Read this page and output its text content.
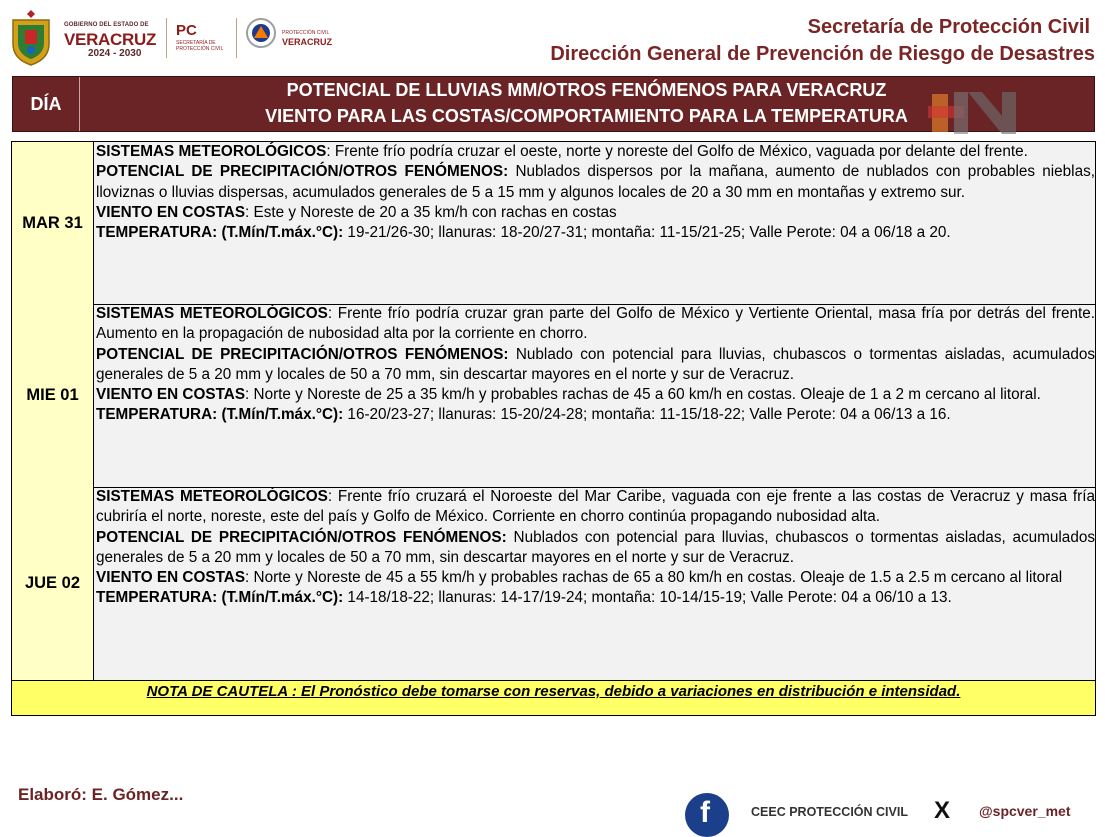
GOBIERNO DEL ESTADO DE
VERACRUZ
2024 - 2030
PC
SECRETARÍA DE PROTECCIÓN CIVIL
PROTECCIÓN CIVIL
VERACRUZ
Secretaría de Protección Civil
Dirección General de Prevención de Riesgo de Desastres
DÍA
POTENCIAL DE LLUVIAS MM/OTROS FENÓMENOS PARA VERACRUZ
VIENTO PARA LAS COSTAS/COMPORTAMIENTO PARA LA TEMPERATURA
MAR 31

SISTEMAS METEOROLÓGICOS: Frente frío podría cruzar el oeste, norte y noreste del Golfo de México, vaguada por delante del frente.

POTENCIAL DE PRECIPITACIÓN/OTROS FENÓMENOS: Nublados dispersos por la mañana, aumento de nublados con probables nieblas, lloviznas o lluvias dispersas, acumulados generales de 5 a 15 mm y algunos locales de 20 a 30 mm en montañas y extremo sur.

VIENTO EN COSTAS: Este y Noreste de 20 a 35 km/h con rachas en costas

TEMPERATURA: (T.Mín/T.máx.°C): 19-21/26-30; llanuras: 18-20/27-31; montaña: 11-15/21-25; Valle Perote: 04 a 06/18 a 20.

MIE 01

SISTEMAS METEOROLÓGICOS: Frente frío podría cruzar gran parte del Golfo de México y Vertiente Oriental, masa fría por detrás del frente. Aumento en la propagación de nubosidad alta por la corriente en chorro.

POTENCIAL DE PRECIPITACIÓN/OTROS FENÓMENOS: Nublado con potencial para lluvias, chubascos o tormentas aisladas, acumulados generales de 5 a 20 mm y locales de 50 a 70 mm, sin descartar mayores en el norte y sur de Veracruz.

VIENTO EN COSTAS: Norte y Noreste de 25 a 35 km/h y probables rachas de 45 a 60 km/h en costas. Oleaje de 1 a 2 m cercano al litoral.

TEMPERATURA: (T.Mín/T.máx.°C): 16-20/23-27; llanuras: 15-20/24-28; montaña: 11-15/18-22; Valle Perote: 04 a 06/13 a 16.

JUE 02

SISTEMAS METEOROLÓGICOS: Frente frío cruzará el Noroeste del Mar Caribe, vaguada con eje frente a las costas de Veracruz y masa fría cubriría el norte, noreste, este del país y Golfo de México. Corriente en chorro continúa propagando nubosidad alta.

POTENCIAL DE PRECIPITACIÓN/OTROS FENÓMENOS: Nublados con potencial para lluvias, chubascos o tormentas aisladas, acumulados generales de 5 a 20 mm y locales de 50 a 70 mm, sin descartar mayores en el norte y sur de Veracruz.

VIENTO EN COSTAS: Norte y Noreste de 45 a 55 km/h y probables rachas de 65 a 80 km/h en costas. Oleaje de 1.5 a 2.5 m cercano al litoral

TEMPERATURA: (T.Mín/T.máx.°C): 14-18/18-22; llanuras: 14-17/19-24; montaña: 10-14/15-19; Valle Perote: 04 a 06/10 a 13.

NOTA DE CAUTELA : El Pronóstico debe tomarse con reservas, debido a variaciones en distribución e intensidad.
Elaboró: E. Gómez...
f	CEEC PROTECCIÓN CIVIL X @spcver_met
